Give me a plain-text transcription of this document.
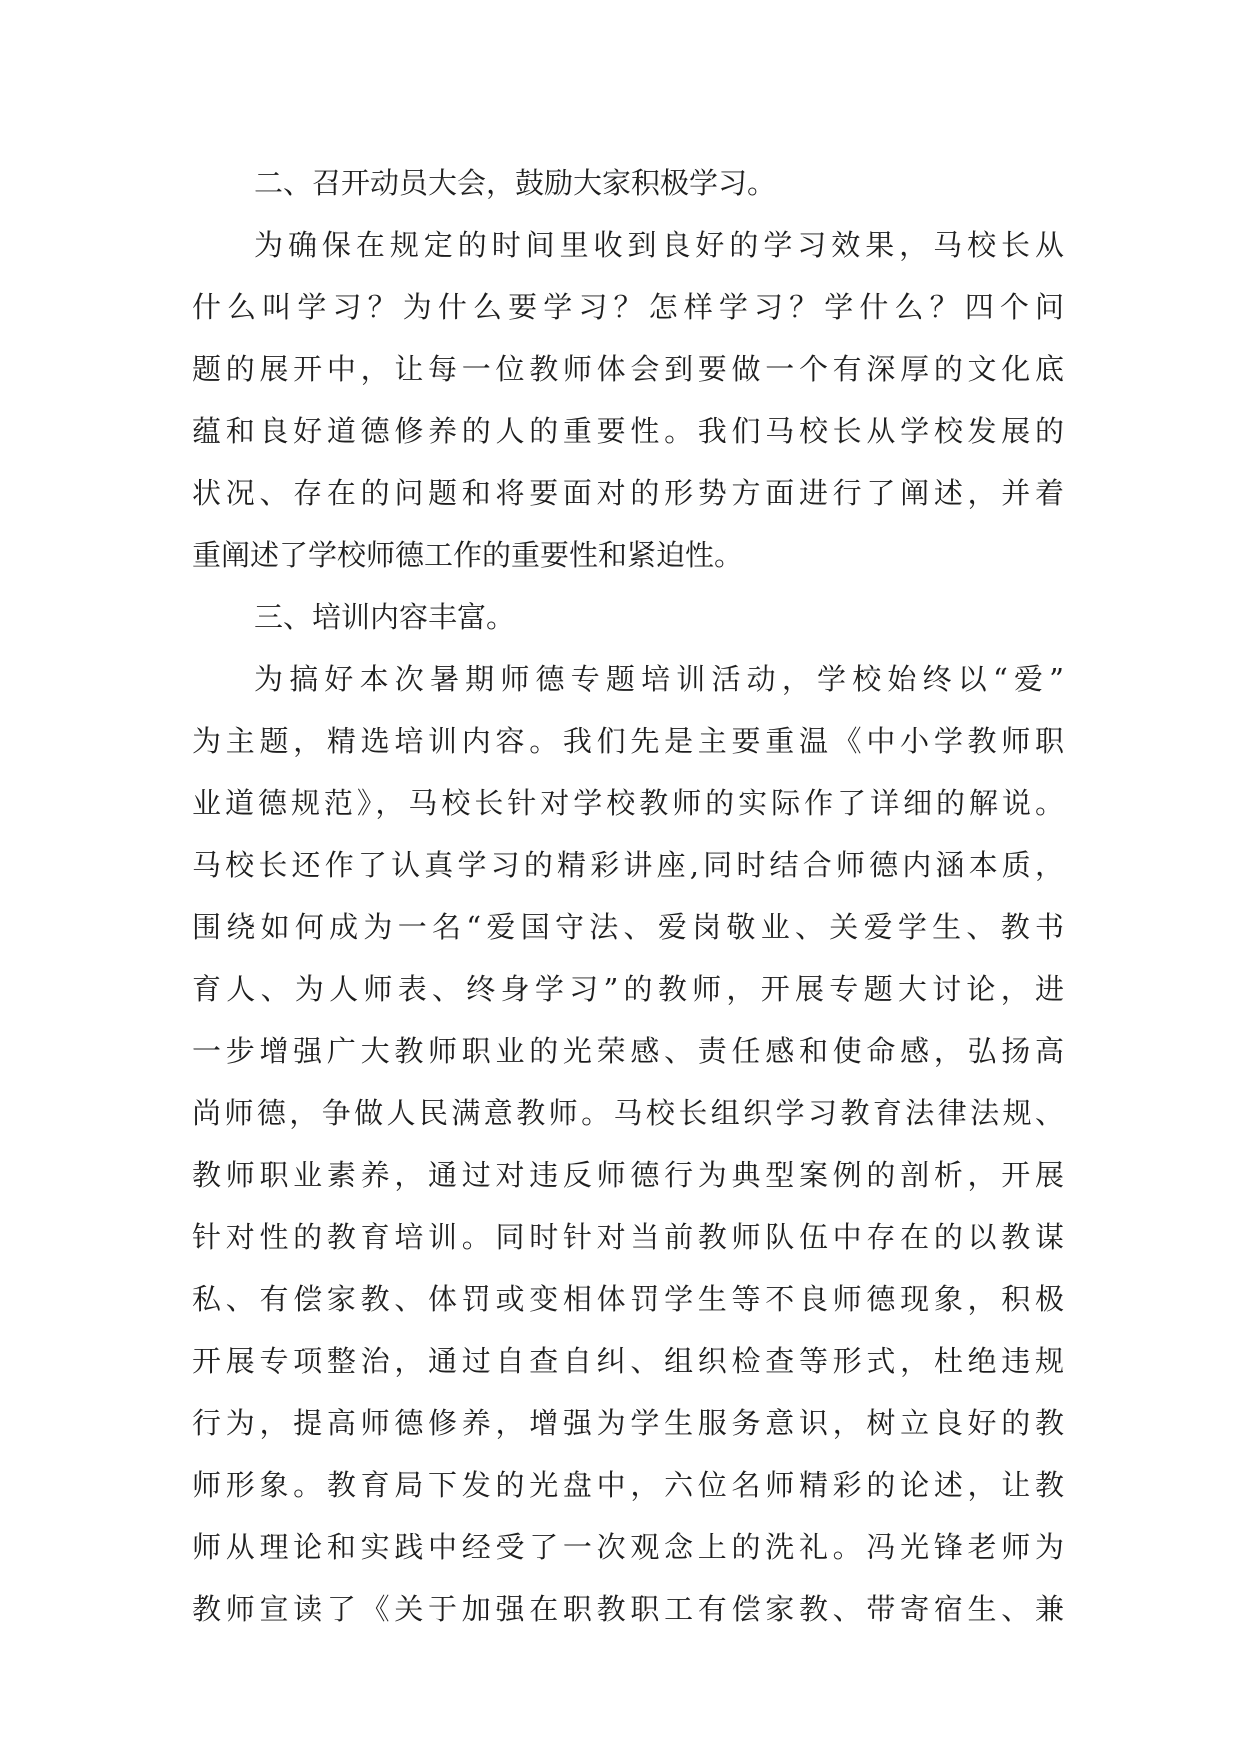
二、召开动员大会，鼓励大家积极学习。
为确保在规定的时间里收到良好的学习效果，马校长从
什么叫学习？为什么要学习？怎样学习？学什么？四个问
题的展开中，让每一位教师体会到要做一个有深厚的文化底
蕴和良好道德修养的人的重要性。我们马校长从学校发展的
状况、存在的问题和将要面对的形势方面进行了阐述，并着
重阐述了学校师德工作的重要性和紧迫性。
三、培训内容丰富。
为搞好本次暑期师德专题培训活动，学校始终以“爱”
为主题，精选培训内容。我们先是主要重温《中小学教师职
业道德规范》，马校长针对学校教师的实际作了详细的解说。
马校长还作了认真学习的精彩讲座,同时结合师德内涵本质，
围绕如何成为一名“爱国守法、爱岗敬业、关爱学生、教书
育人、为人师表、终身学习”的教师，开展专题大讨论，进
一步增强广大教师职业的光荣感、责任感和使命感，弘扬高
尚师德，争做人民满意教师。马校长组织学习教育法律法规、
教师职业素养，通过对违反师德行为典型案例的剖析，开展
针对性的教育培训。同时针对当前教师队伍中存在的以教谋
私、有偿家教、体罚或变相体罚学生等不良师德现象，积极
开展专项整治，通过自查自纠、组织检查等形式，杜绝违规
行为，提高师德修养，增强为学生服务意识，树立良好的教
师形象。教育局下发的光盘中，六位名师精彩的论述，让教
师从理论和实践中经受了一次观念上的洗礼。冯光锋老师为
教师宣读了《关于加强在职教职工有偿家教、带寄宿生、兼
